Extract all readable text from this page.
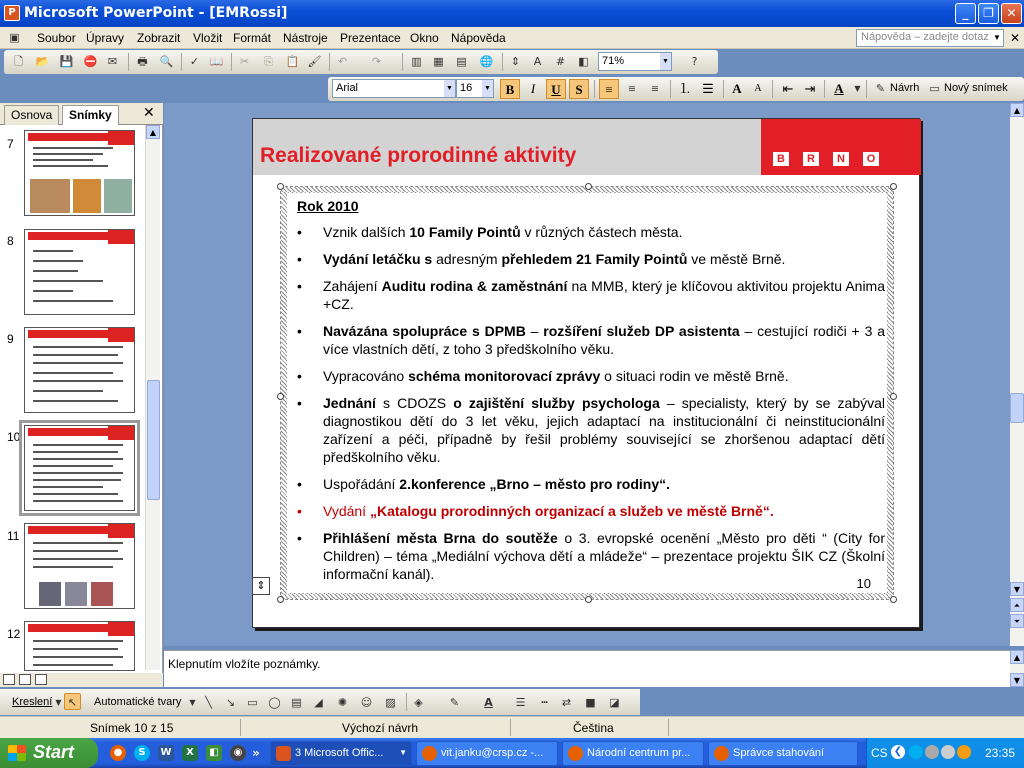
P Microsoft PowerPoint - [EMRossi]	_	❐	✕
▣ Soubor Úpravy Zobrazit Vložit Formát Nástroje Prezentace Okno Nápověda	Nápověda – zadejte dotaz ▼ ✕
🗋	📂 💾 ⛔ ✉	🖶	🔍	✓ 📖	✂	⎘	📋 🖌	↶	↷	▥ ▦ ▤ 🌐	⇕	A	#	◧	71%	▼	?
Arial	▼ 16 ▼	B	I	U	S	≡	≡	≡	⒈ ☰	A	A	⇤ ⇥	A	▼	✎ Návrh ▭ Nový snímek
Osnova	Snímky	✕
7
8
9
10
11
12
▲
B	R	N	O
Realizované prorodinné aktivity
Rok 2010
• Vznik dalších 10 Family Pointů v různých částech města.
• Vydání letáčku s adresným přehledem 21 Family Pointů ve městě Brně.
• Zahájení Auditu rodina & zaměstnání na MMB, který je klíčovou aktivitou projektu Anima +CZ.
• Navázána spolupráce s DPMB – rozšíření služeb DP asistenta – cestující rodiči + 3 a více vlastních dětí, z toho 3 předškolního věku.
• Vypracováno schéma monitorovací zprávy o situaci rodin ve městě Brně.
• Jednání s CDOZS o zajištění služby psychologa – specialisty, který by se zabýval diagnostikou dětí do 3 let věku, jejich adaptací na institucionální či neinstitucionální zařízení a péči, případně by řešil problémy související se zhoršenou adaptací dětí předškolního věku.
• Uspořádání 2.konference „Brno – město pro rodiny“.
• Vydání „Katalogu prorodinných organizací a služeb ve městě Brně“.
• Přihlášení města Brna do soutěže o 3. evropské ocenění „Město pro děti “ (City for Children) – téma „Mediální výchova dětí a mládeže“ – prezentace projektu ŠIK CZ (Školní informační kanál).
10
⇕
▲
▼
⏶
⏷
Klepnutím vložíte poznámky.	▲
▼
Kreslení ▼ ↖	Automatické tvary	▼ ╲	↘	▭ ◯ ▤	◢	✺	☺ ▨	◈	✎	A	☰	┅	⇄	■ ◪
Snímek 10 z 15	Výchozí návrh	Čeština
Start	●	S	W	X	◧	◉ »	3 Microsoft Offic... ▼	vit.janku@crsp.cz -...	Národní centrum pr...	Správce stahování	CS ❮	23:35
